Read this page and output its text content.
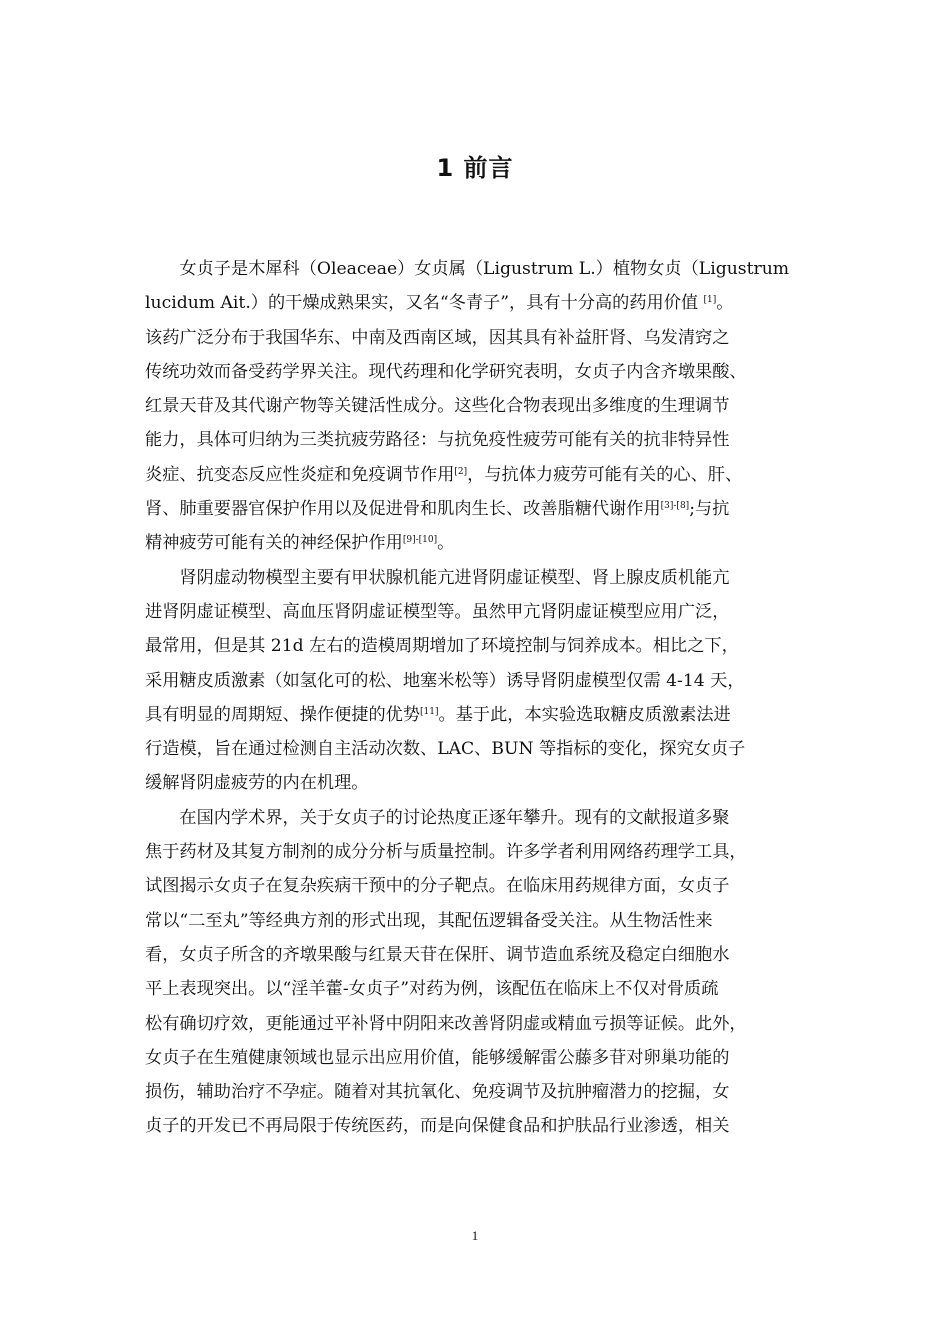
1 前言

女贞子是木犀科（Oleaceae）女贞属（Ligustrum L.）植物女贞（Ligustrum
lucidum Ait.）的干燥成熟果实，又名“冬青子”，具有十分高的药用价值 [1]。
该药广泛分布于我国华东、中南及西南区域，因其具有补益肝肾、乌发清窍之
传统功效而备受药学界关注。现代药理和化学研究表明，女贞子内含齐墩果酸、
红景天苷及其代谢产物等关键活性成分。这些化合物表现出多维度的生理调节
能力，具体可归纳为三类抗疲劳路径：与抗免疫性疲劳可能有关的抗非特异性
炎症、抗变态反应性炎症和免疫调节作用[2]，与抗体力疲劳可能有关的心、肝、
肾、肺重要器官保护作用以及促进骨和肌肉生长、改善脂糖代谢作用[3]-[8];与抗
精神疲劳可能有关的神经保护作用[9]-[10]。

肾阴虚动物模型主要有甲状腺机能亢进肾阴虚证模型、肾上腺皮质机能亢
进肾阴虚证模型、高血压肾阴虚证模型等。虽然甲亢肾阴虚证模型应用广泛，
最常用，但是其 21d 左右的造模周期增加了环境控制与饲养成本。相比之下，
采用糖皮质激素（如氢化可的松、地塞米松等）诱导肾阴虚模型仅需 4-14 天，
具有明显的周期短、操作便捷的优势[11]。基于此，本实验选取糖皮质激素法进
行造模，旨在通过检测自主活动次数、LAC、BUN 等指标的变化，探究女贞子
缓解肾阴虚疲劳的内在机理。

在国内学术界，关于女贞子的讨论热度正逐年攀升。现有的文献报道多聚
焦于药材及其复方制剂的成分分析与质量控制。许多学者利用网络药理学工具，
试图揭示女贞子在复杂疾病干预中的分子靶点。在临床用药规律方面，女贞子
常以“二至丸”等经典方剂的形式出现，其配伍逻辑备受关注。从生物活性来
看，女贞子所含的齐墩果酸与红景天苷在保肝、调节造血系统及稳定白细胞水
平上表现突出。以“淫羊藿-女贞子”对药为例，该配伍在临床上不仅对骨质疏
松有确切疗效，更能通过平补肾中阴阳来改善肾阴虚或精血亏损等证候。此外，
女贞子在生殖健康领域也显示出应用价值，能够缓解雷公藤多苷对卵巢功能的
损伤，辅助治疗不孕症。随着对其抗氧化、免疫调节及抗肿瘤潜力的挖掘，女
贞子的开发已不再局限于传统医药，而是向保健食品和护肤品行业渗透，相关

1
